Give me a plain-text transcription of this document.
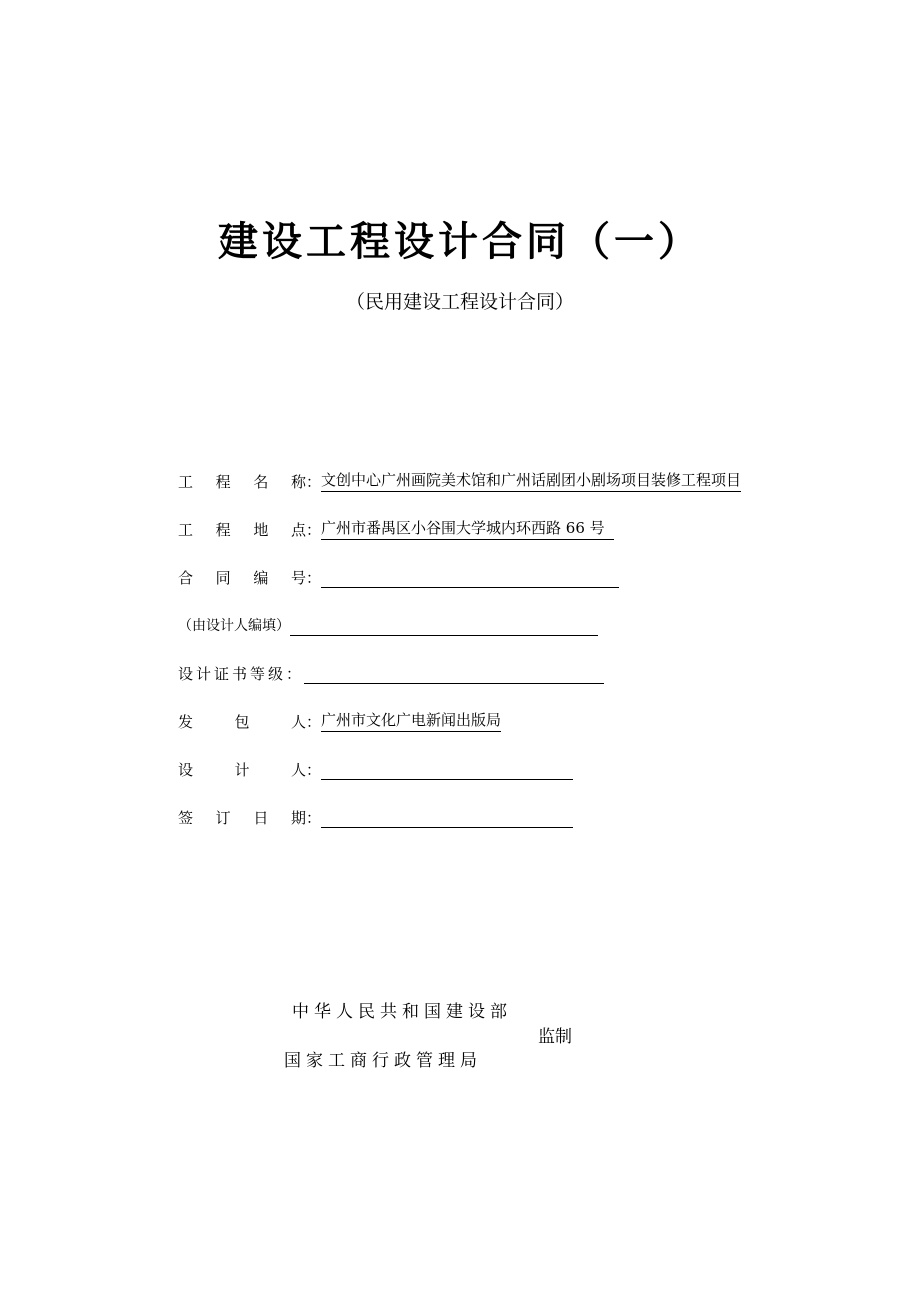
建设工程设计合同（一）
（民用建设工程设计合同）
工 程 名 称 ：文创中心广州画院美术馆和广州话剧团小剧场项目装修工程项目
工 程 地 点 ：广州市番禺区小谷围大学城内环西路 66 号
合 同 编 号 ：
（由设计人编填）
设计证书等级：
发	包	人 ：广州市文化广电新闻出版局
设	计	人 ：
签 订 日 期 ：
中华人民共和国建设部
监制
国家工商行政管理局
